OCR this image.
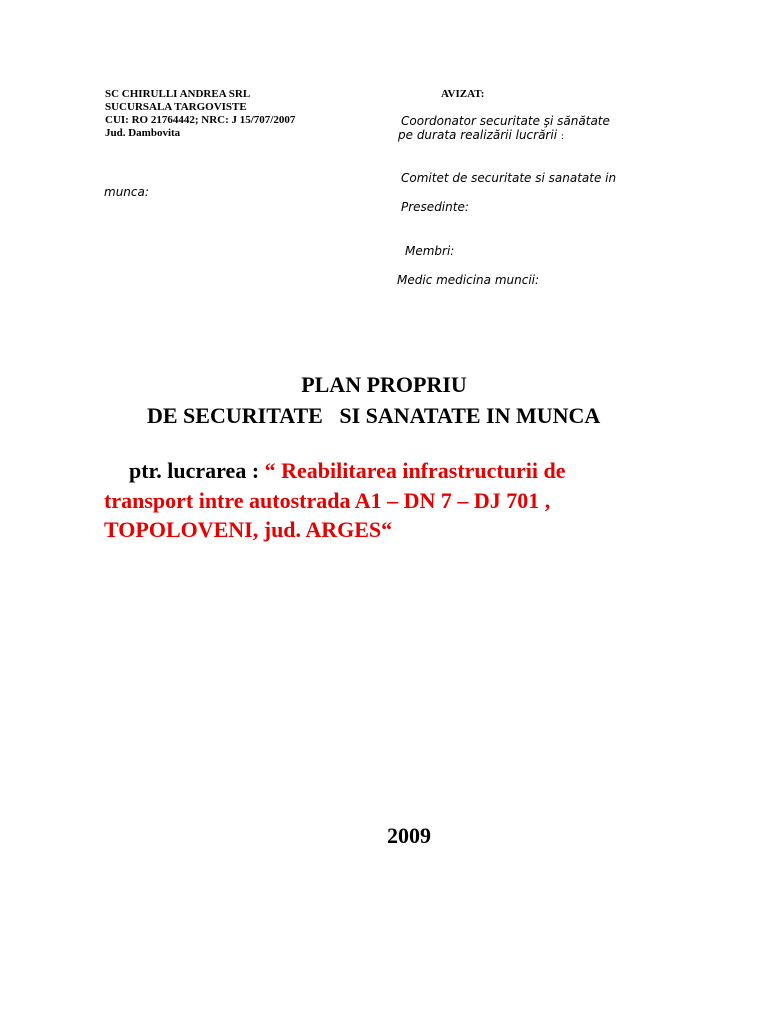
SC CHIRULLI ANDREA SRL
SUCURSALA TARGOVISTE
CUI: RO 21764442; NRC: J 15/707/2007
Jud. Dambovita
AVIZAT:
Coordonator securitate şi sănătate
pe durata realizării lucrării :
Comitet de securitate si sanatate in
munca:
Presedinte:
Membri:
Medic medicina muncii:
PLAN PROPRIU
DE SECURITATE   SI SANATATE IN MUNCA
ptr. lucrarea : “ Reabilitarea infrastructurii de
transport intre autostrada A1 – DN 7 – DJ 701 ,
TOPOLOVENI, jud. ARGES“
2009
